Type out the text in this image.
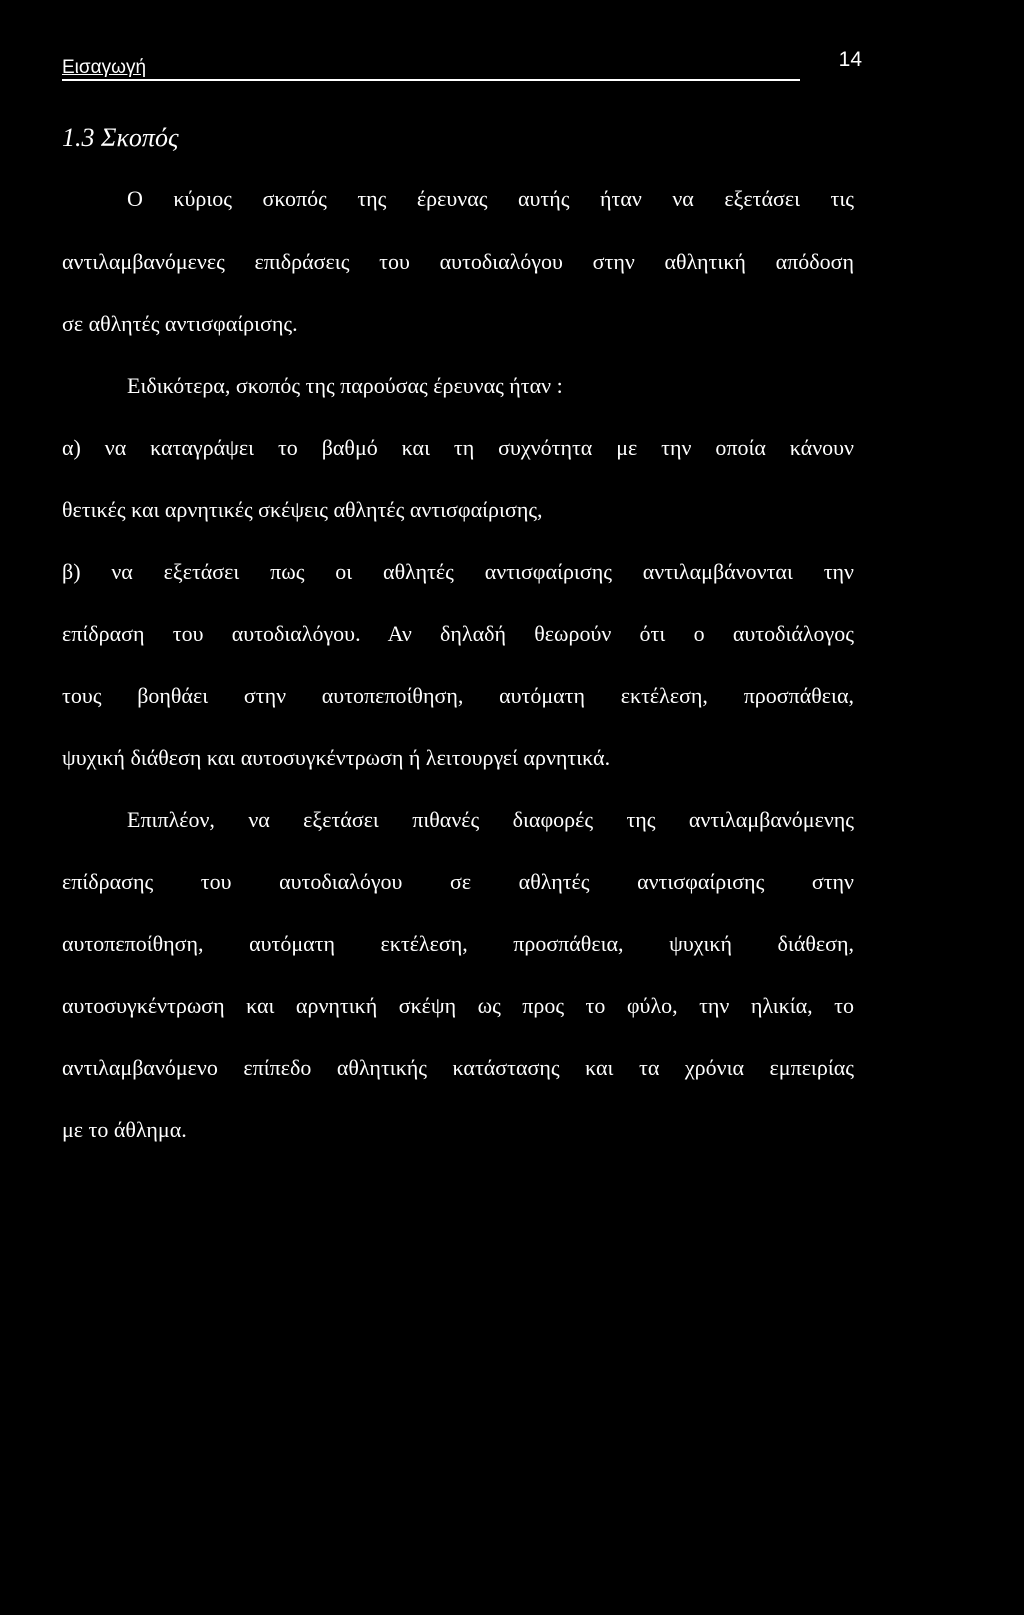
Εισαγωγή	14
1.3 Σκοπός
Ο κύριος σκοπός της έρευνας αυτής ήταν να εξετάσει τις
αντιλαμβανόμενες επιδράσεις του αυτοδιαλόγου στην αθλητική απόδοση
σε αθλητές αντισφαίρισης.
Ειδικότερα, σκοπός της παρούσας έρευνας ήταν :
α) να καταγράψει το βαθμό και τη συχνότητα με την οποία κάνουν
θετικές και αρνητικές σκέψεις αθλητές αντισφαίρισης,
β) να εξετάσει πως οι αθλητές αντισφαίρισης αντιλαμβάνονται την
επίδραση του αυτοδιαλόγου. Αν δηλαδή θεωρούν ότι ο αυτοδιάλογος
τους βοηθάει στην αυτοπεποίθηση, αυτόματη εκτέλεση, προσπάθεια,
ψυχική διάθεση και αυτοσυγκέντρωση ή λειτουργεί αρνητικά.
Επιπλέον, να εξετάσει πιθανές διαφορές της αντιλαμβανόμενης
επίδρασης του αυτοδιαλόγου σε αθλητές αντισφαίρισης στην
αυτοπεποίθηση, αυτόματη εκτέλεση, προσπάθεια, ψυχική διάθεση,
αυτοσυγκέντρωση και αρνητική σκέψη ως προς το φύλο, την ηλικία, το
αντιλαμβανόμενο επίπεδο αθλητικής κατάστασης και τα χρόνια εμπειρίας
με το άθλημα.
